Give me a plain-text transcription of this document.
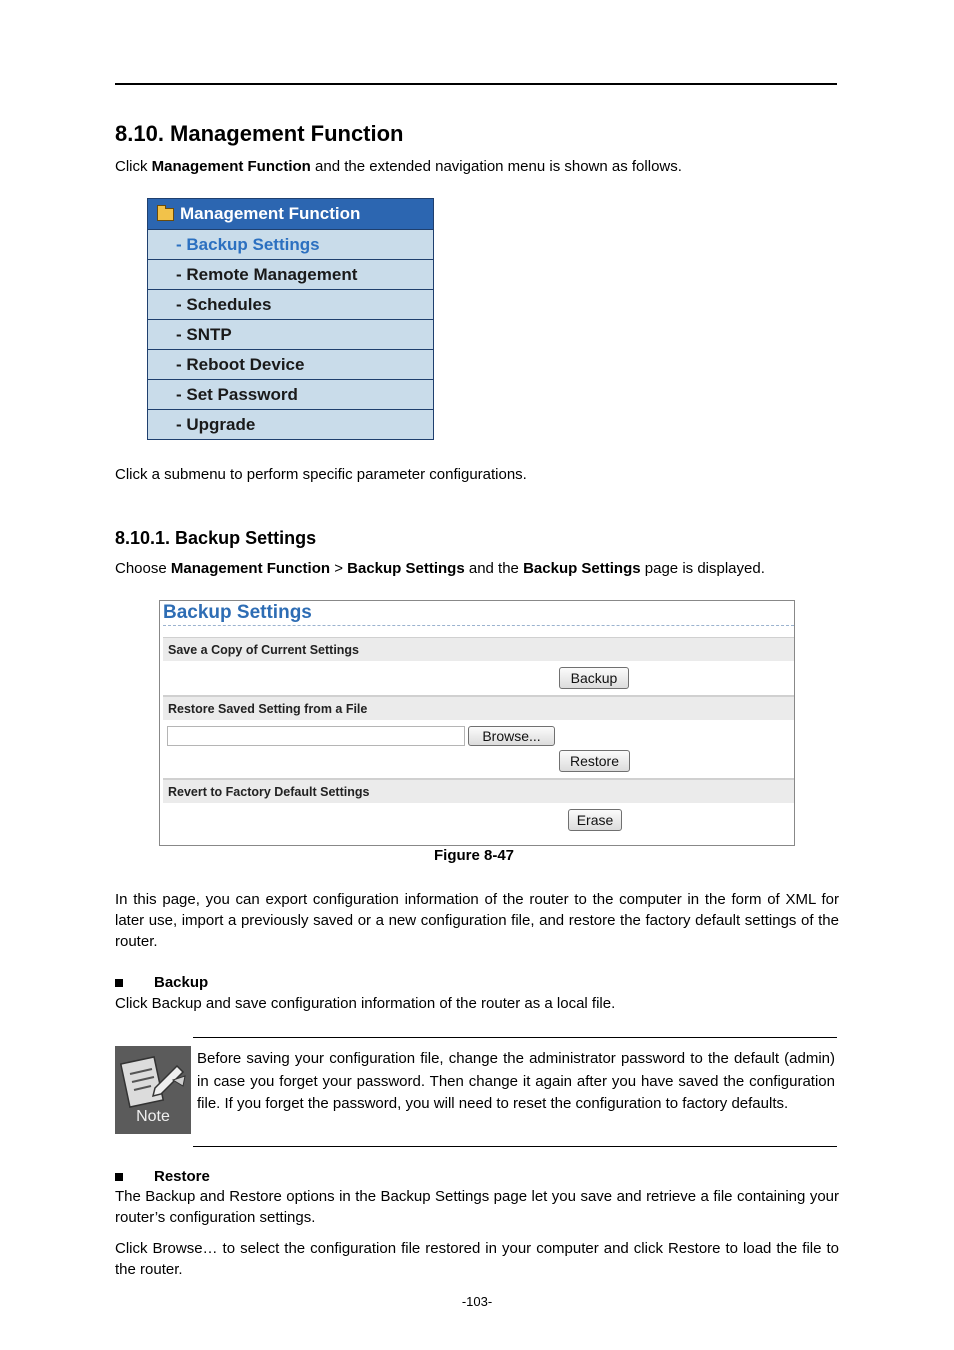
8.10. Management Function
Click Management Function and the extended navigation menu is shown as follows.
Management Function
- Backup Settings
- Remote Management
- Schedules
- SNTP
- Reboot Device
- Set Password
- Upgrade
Click a submenu to perform specific parameter configurations.
8.10.1. Backup Settings
Choose Management Function > Backup Settings and the Backup Settings page is displayed.
Backup Settings
Save a Copy of Current Settings
Backup
Restore Saved Setting from a File
Browse...
Restore
Revert to Factory Default Settings
Erase
Figure 8-47
In this page, you can export configuration information of the router to the computer in the form of XML for later use, import a previously saved or a new configuration file, and restore the factory default settings of the router.
Backup
Click Backup and save configuration information of the router as a local file.
Note
Before saving your configuration file, change the administrator password to the default (admin) in case you forget your password. Then change it again after you have saved the configuration file. If you forget the password, you will need to reset the configuration to factory defaults.
Restore
The Backup and Restore options in the Backup Settings page let you save and retrieve a file containing your router’s configuration settings.
Click Browse… to select the configuration file restored in your computer and click Restore to load the file to the router.
-103-
